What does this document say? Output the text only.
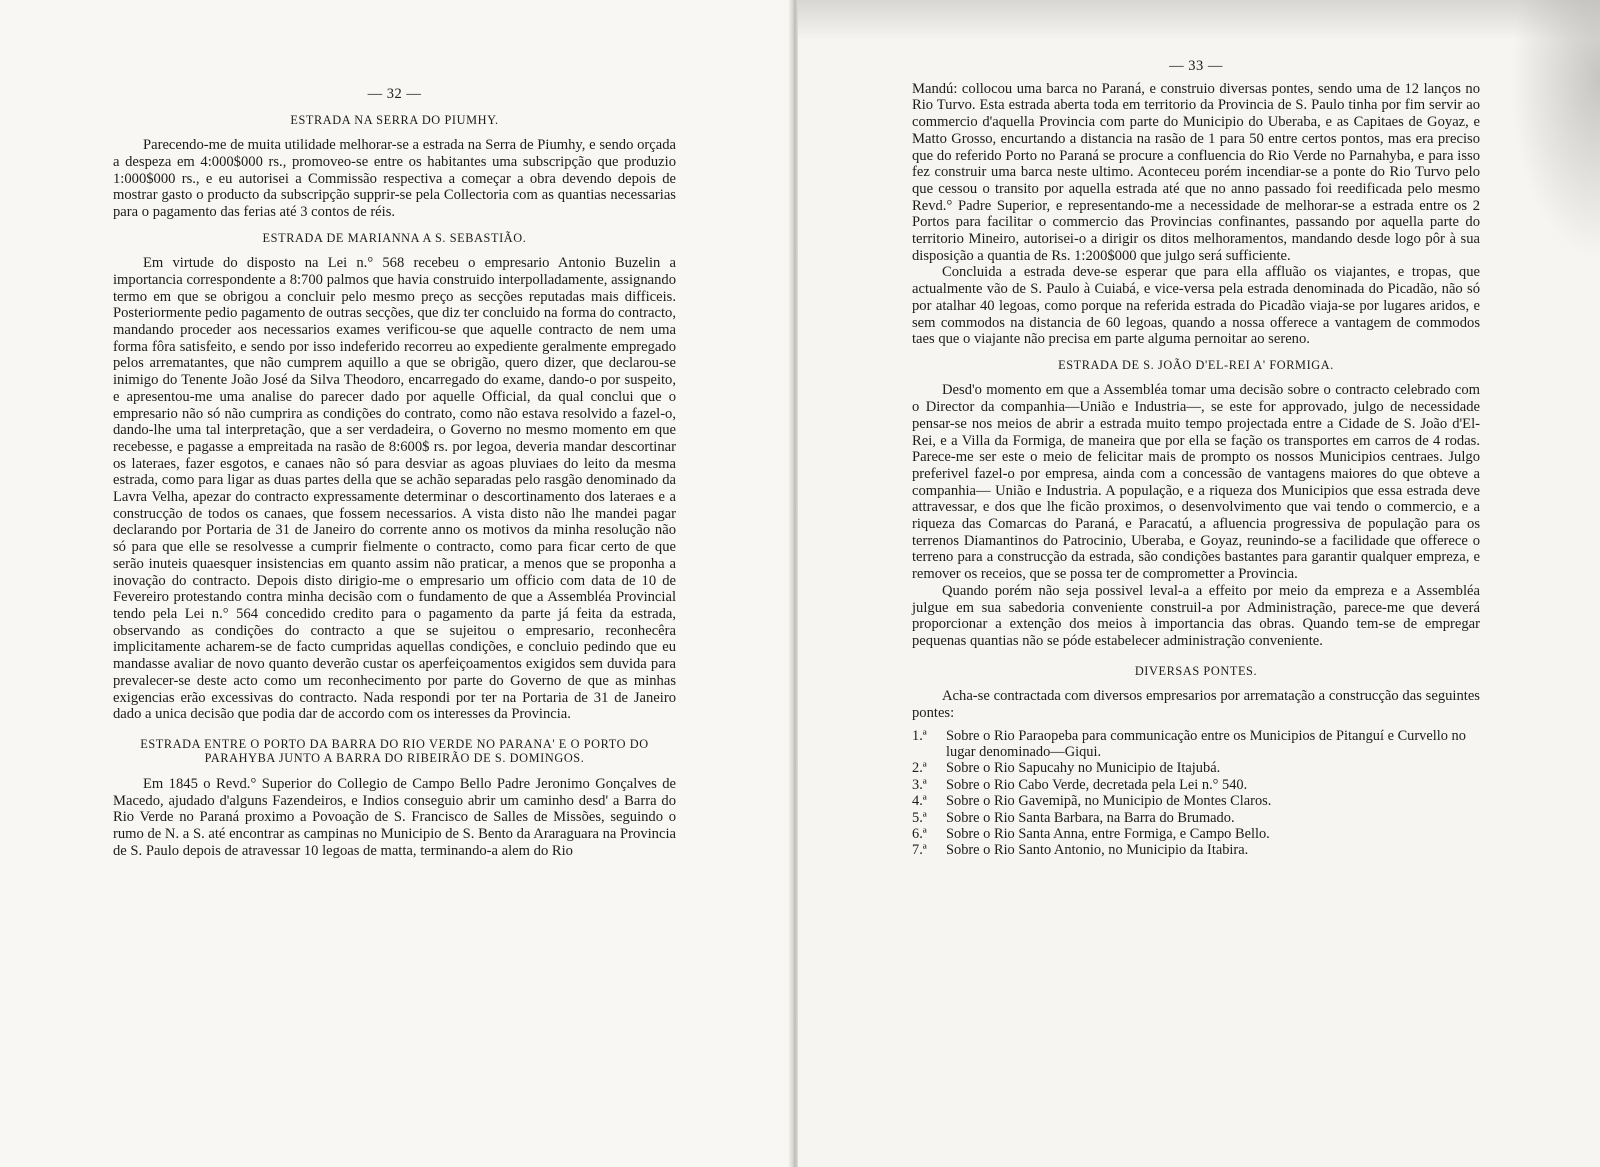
— 32 —
ESTRADA NA SERRA DO PIUMHY.

Parecendo-me de muita utilidade melhorar-se a estrada na Serra de Piumhy, e sendo orçada a despeza em 4:000$000 rs., promoveo-se entre os habitantes uma subscripção que produzio 1:000$000 rs., e eu autorisei a Commissão respectiva a começar a obra devendo depois de mostrar gasto o producto da subscripção supprir-se pela Collectoria com as quantias necessarias para o pagamento das ferias até 3 contos de réis.

ESTRADA DE MARIANNA A S. SEBASTIÃO.

Em virtude do disposto na Lei n.° 568 recebeu o empresario Antonio Buzelin a importancia correspondente a 8:700 palmos que havia construido interpolladamente, assignando termo em que se obrigou a concluir pelo mesmo preço as secções reputadas mais difficeis. Posteriormente pedio pagamento de outras secções, que diz ter concluido na forma do contracto, mandando proceder aos necessarios exames verificou-se que aquelle contracto de nem uma forma fôra satisfeito, e sendo por isso indeferido recorreu ao expediente geralmente empregado pelos arrematantes, que não cumprem aquillo a que se obrigão, quero dizer, que declarou-se inimigo do Tenente João José da Silva Theodoro, encarregado do exame, dando-o por suspeito, e apresentou-me uma analise do parecer dado por aquelle Official, da qual conclui que o empresario não só não cumprira as condições do contrato, como não estava resolvido a fazel-o, dando-lhe uma tal interpretação, que a ser verdadeira, o Governo no mesmo momento em que recebesse, e pagasse a empreitada na rasão de 8:600$ rs. por legoa, deveria mandar descortinar os lateraes, fazer esgotos, e canaes não só para desviar as agoas pluviaes do leito da mesma estrada, como para ligar as duas partes della que se achão separadas pelo rasgão denominado da Lavra Velha, apezar do contracto expressamente determinar o descortinamento dos lateraes e a construcção de todos os canaes, que fossem necessarios. A vista disto não lhe mandei pagar declarando por Portaria de 31 de Janeiro do corrente anno os motivos da minha resolução não só para que elle se resolvesse a cumprir fielmente o contracto, como para ficar certo de que serão inuteis quaesquer insistencias em quanto assim não praticar, a menos que se proponha a inovação do contracto. Depois disto dirigio-me o empresario um officio com data de 10 de Fevereiro protestando contra minha decisão com o fundamento de que a Assembléa Provincial tendo pela Lei n.° 564 concedido credito para o pagamento da parte já feita da estrada, observando as condições do contracto a que se sujeitou o empresario, reconhecêra implicitamente acharem-se de facto cumpridas aquellas condições, e concluio pedindo que eu mandasse avaliar de novo quanto deverão custar os aperfeiçoamentos exigidos sem duvida para prevalecer-se deste acto como um reconhecimento por parte do Governo de que as minhas exigencias erão excessivas do contracto. Nada respondi por ter na Portaria de 31 de Janeiro dado a unica decisão que podia dar de accordo com os interesses da Provincia.

ESTRADA ENTRE O PORTO DA BARRA DO RIO VERDE NO PARANA' E O PORTO DO PARAHYBA JUNTO A BARRA DO RIBEIRÃO DE S. DOMINGOS.

Em 1845 o Revd.° Superior do Collegio de Campo Bello Padre Jeronimo Gonçalves de Macedo, ajudado d'alguns Fazendeiros, e Indios conseguio abrir um caminho desd' a Barra do Rio Verde no Paraná proximo a Povoação de S. Francisco de Salles de Missões, seguindo o rumo de N. a S. até encontrar as campinas no Municipio de S. Bento da Araraguara na Provincia de S. Paulo depois de atravessar 10 legoas de matta, terminando-a alem do Rio

— 33 —

Mandú: collocou uma barca no Paraná, e construio diversas pontes, sendo uma de 12 lanços no Rio Turvo. Esta estrada aberta toda em territorio da Provincia de S. Paulo tinha por fim servir ao commercio d'aquella Provincia com parte do Municipio do Uberaba, e as Capitaes de Goyaz, e Matto Grosso, encurtando a distancia na rasão de 1 para 50 entre certos pontos, mas era preciso que do referido Porto no Paraná se procure a confluencia do Rio Verde no Parnahyba, e para isso fez construir uma barca neste ultimo. Aconteceu porém incendiar-se a ponte do Rio Turvo pelo que cessou o transito por aquella estrada até que no anno passado foi reedificada pelo mesmo Revd.° Padre Superior, e representando-me a necessidade de melhorar-se a estrada entre os 2 Portos para facilitar o commercio das Provincias confinantes, passando por aquella parte do territorio Mineiro, autorisei-o a dirigir os ditos melhoramentos, mandando desde logo pôr à sua disposição a quantia de Rs. 1:200$000 que julgo será sufficiente.

Concluida a estrada deve-se esperar que para ella affluão os viajantes, e tropas, que actualmente vão de S. Paulo à Cuiabá, e vice-versa pela estrada denominada do Picadão, não só por atalhar 40 legoas, como porque na referida estrada do Picadão viaja-se por lugares aridos, e sem commodos na distancia de 60 legoas, quando a nossa offerece a vantagem de commodos taes que o viajante não precisa em parte alguma pernoitar ao sereno.

ESTRADA DE S. JOÃO D'EL-REI A' FORMIGA.

Desd'o momento em que a Assembléa tomar uma decisão sobre o contracto celebrado com o Director da companhia—União e Industria—, se este for approvado, julgo de necessidade pensar-se nos meios de abrir a estrada muito tempo projectada entre a Cidade de S. João d'El-Rei, e a Villa da Formiga, de maneira que por ella se fação os transportes em carros de 4 rodas. Parece-me ser este o meio de felicitar mais de prompto os nossos Municipios centraes. Julgo preferivel fazel-o por empresa, ainda com a concessão de vantagens maiores do que obteve a companhia— União e Industria. A população, e a riqueza dos Municipios que essa estrada deve attravessar, e dos que lhe ficão proximos, o desenvolvimento que vai tendo o commercio, e a riqueza das Comarcas do Paraná, e Paracatú, a afluencia progressiva de população para os terrenos Diamantinos do Patrocinio, Uberaba, e Goyaz, reunindo-se a facilidade que offerece o terreno para a construcção da estrada, são condições bastantes para garantir qualquer empreza, e remover os receios, que se possa ter de comprometter a Provincia.

Quando porém não seja possivel leval-a a effeito por meio da empreza e a Assembléa julgue em sua sabedoria conveniente construil-a por Administração, parece-me que deverá proporcionar a extenção dos meios à importancia das obras. Quando tem-se de empregar pequenas quantias não se póde estabelecer administração conveniente.

DIVERSAS PONTES.

Acha-se contractada com diversos empresarios por arrematação a construcção das seguintes pontes:

1.ª	Sobre o Rio Paraopeba para communicação entre os Municipios de Pitanguí e Curvello no lugar denominado—Giqui.
2.ª	Sobre o Rio Sapucahy no Municipio de Itajubá.
3.ª	Sobre o Rio Cabo Verde, decretada pela Lei n.° 540.
4.ª	Sobre o Rio Gavemipã, no Municipio de Montes Claros.
5.ª	Sobre o Rio Santa Barbara, na Barra do Brumado.
6.ª	Sobre o Rio Santa Anna, entre Formiga, e Campo Bello.
7.ª	Sobre o Rio Santo Antonio, no Municipio da Itabira.
